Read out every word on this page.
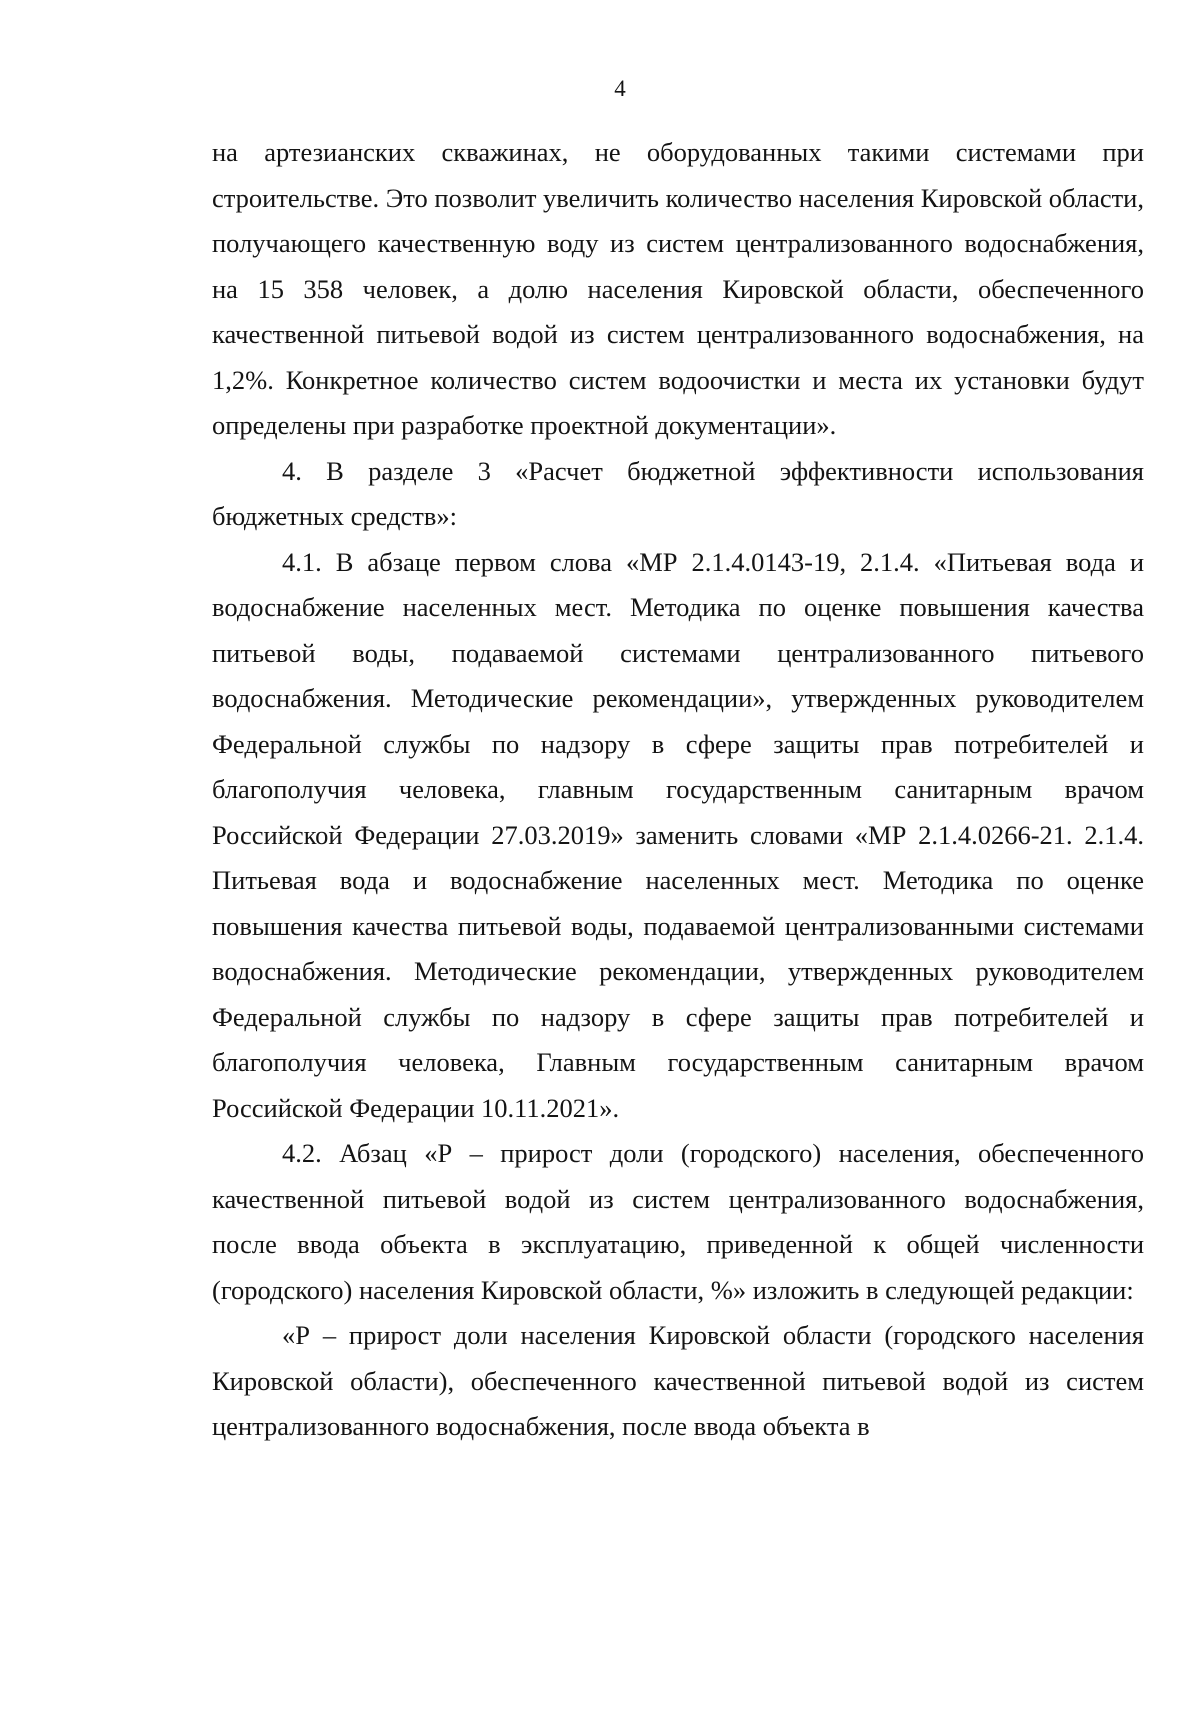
4

на артезианских скважинах, не оборудованных такими системами при строительстве. Это позволит увеличить количество населения Кировской области, получающего качественную воду из систем централизованного водоснабжения, на 15 358 человек, а долю населения Кировской области, обеспеченного качественной питьевой водой из систем централизованного водоснабжения, на 1,2%. Конкретное количество систем водоочистки и места их установки будут определены при разработке проектной документации».

4. В разделе 3 «Расчет бюджетной эффективности использования бюджетных средств»:

4.1. В абзаце первом слова «МР 2.1.4.0143-19, 2.1.4. «Питьевая вода и водоснабжение населенных мест. Методика по оценке повышения качества питьевой воды, подаваемой системами централизованного питьевого водоснабжения. Методические рекомендации», утвержденных руководителем Федеральной службы по надзору в сфере защиты прав потребителей и благополучия человека, главным государственным санитарным врачом Российской Федерации 27.03.2019» заменить словами «МР 2.1.4.0266-21. 2.1.4. Питьевая вода и водоснабжение населенных мест. Методика по оценке повышения качества питьевой воды, подаваемой централизованными системами водоснабжения. Методические рекомендации, утвержденных руководителем Федеральной службы по надзору в сфере защиты прав потребителей и благополучия человека, Главным государственным санитарным врачом Российской Федерации 10.11.2021».

4.2. Абзац «Р – прирост доли (городского) населения, обеспеченного качественной питьевой водой из систем централизованного водоснабжения, после ввода объекта в эксплуатацию, приведенной к общей численности (городского) населения Кировской области, %» изложить в следующей редакции:

«Р – прирост доли населения Кировской области (городского населения Кировской области), обеспеченного качественной питьевой водой из систем централизованного водоснабжения, после ввода объекта в
